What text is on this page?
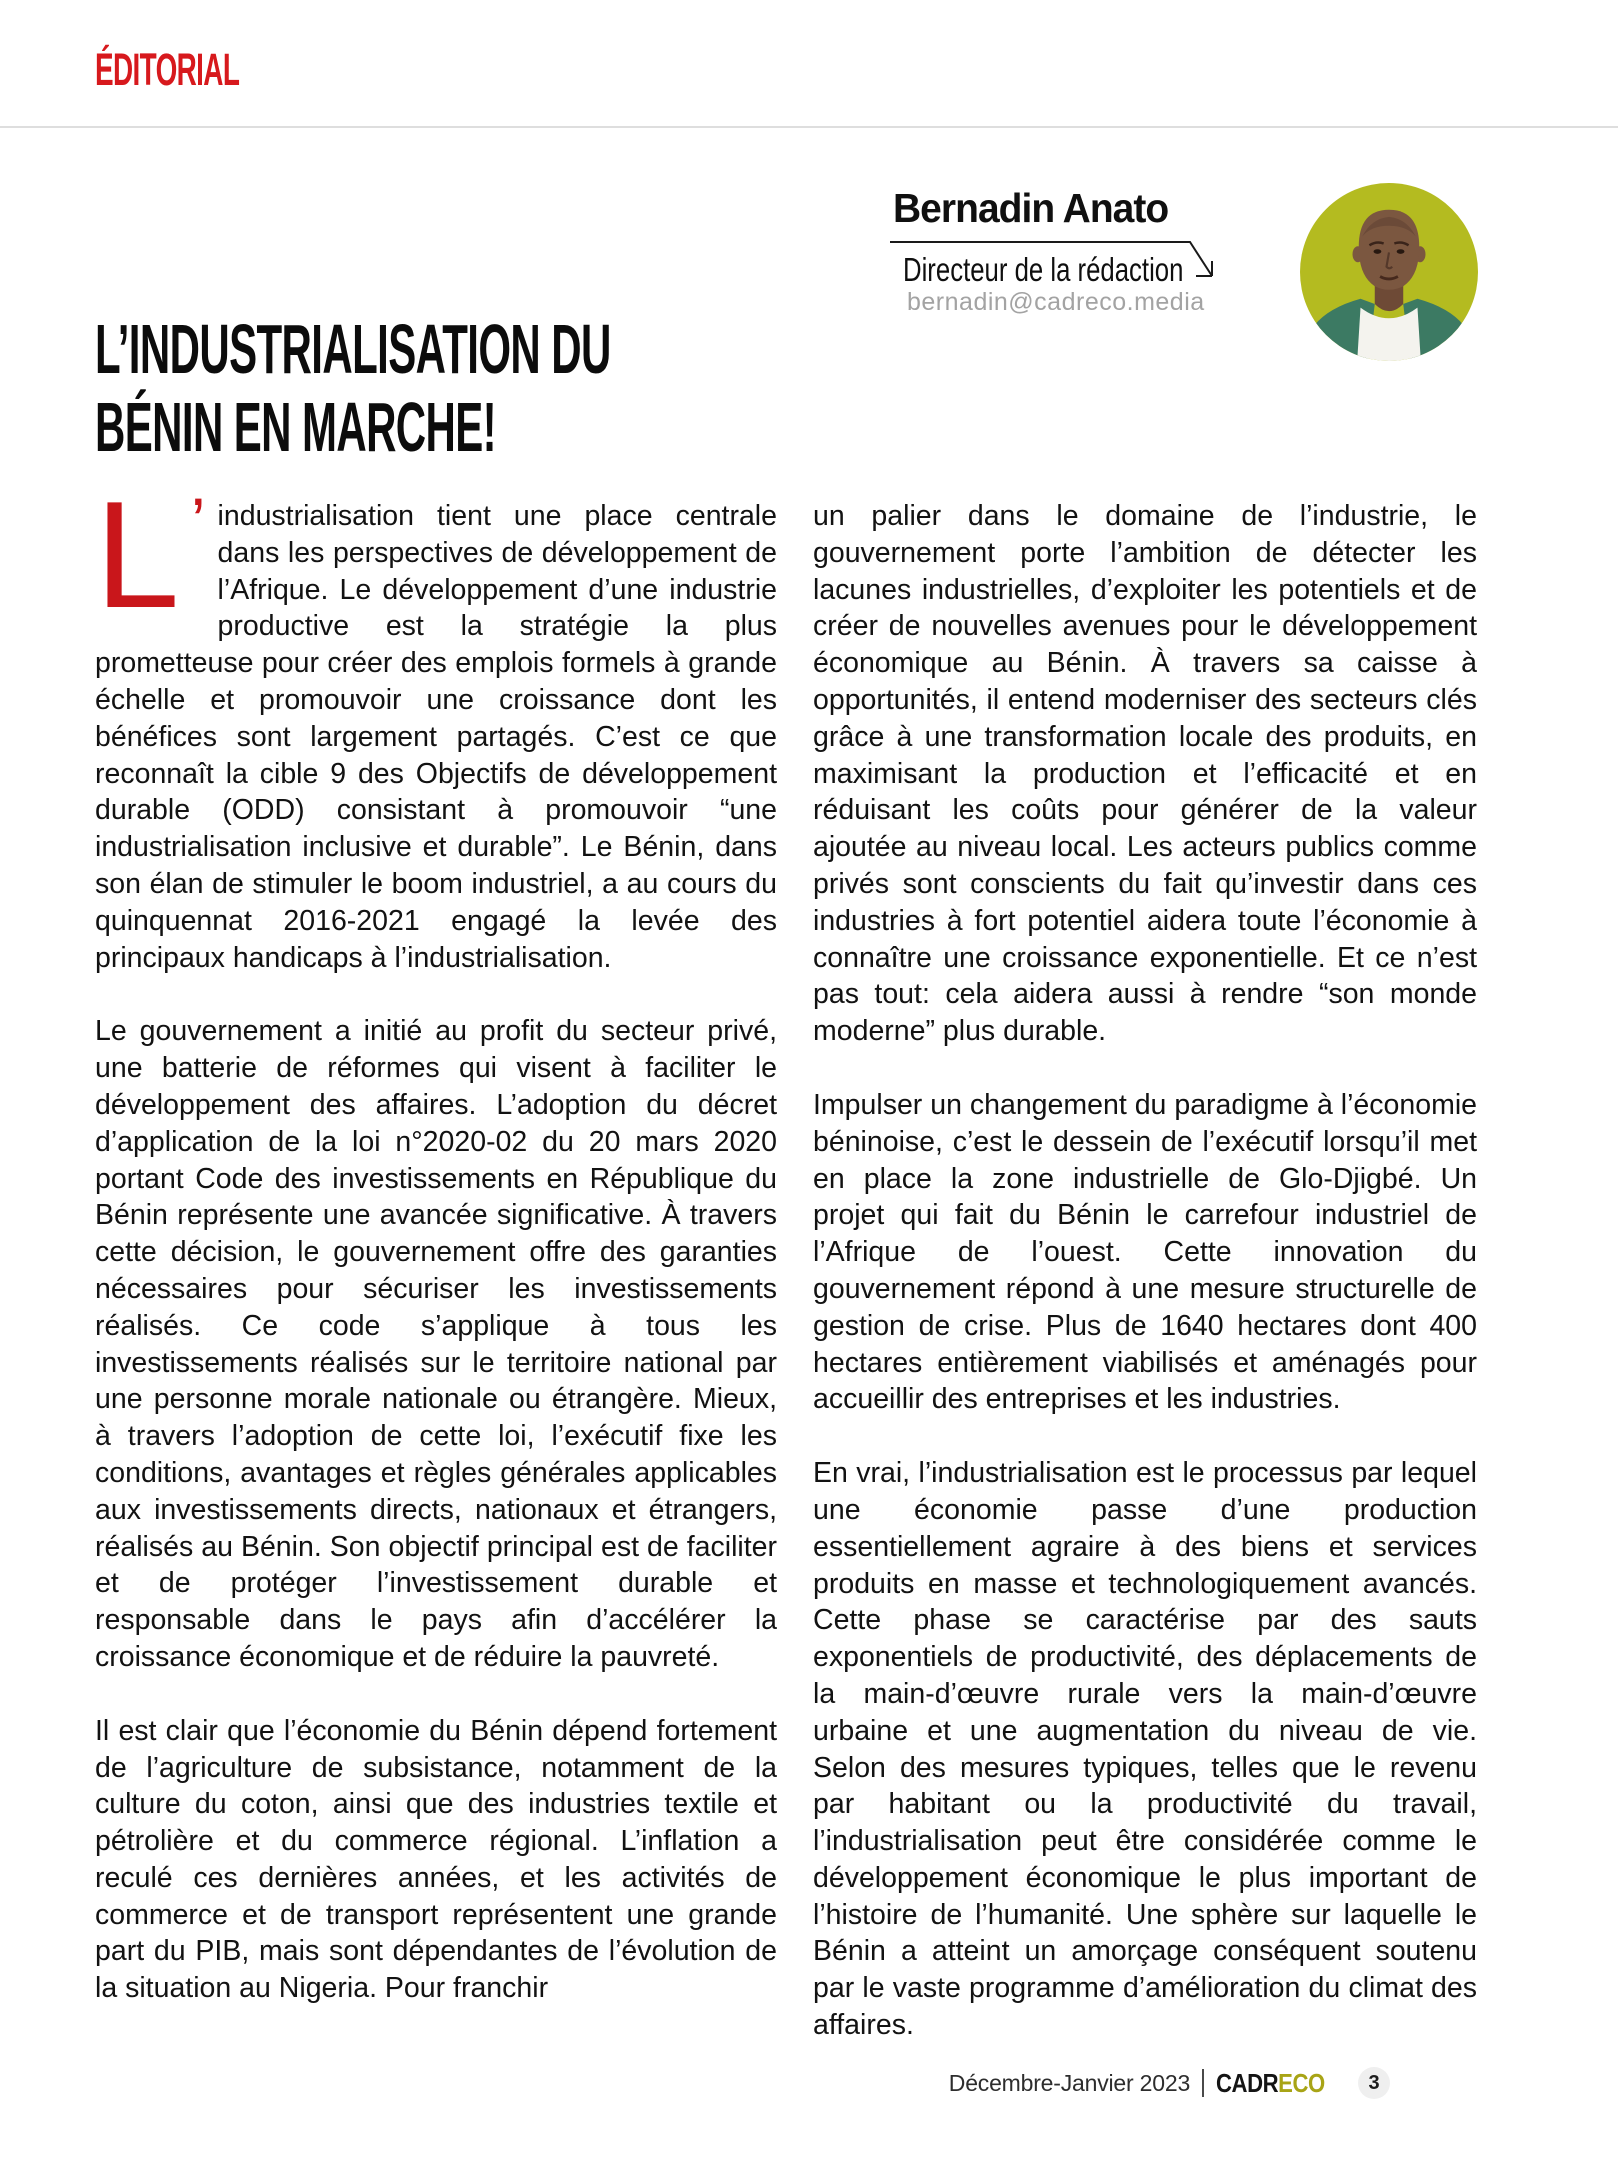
ÉDITORIAL
Bernadin Anato
Directeur de la rédaction
bernadin@cadreco.media
L’INDUSTRIALISATION DU
BÉNIN EN MARCHE!

L ’ industrialisation tient une place centrale dans les perspectives de développement de l’Afrique. Le développement d’une industrie productive est la stratégie la plus prometteuse pour créer des emplois formels à grande échelle et promouvoir une croissance dont les bénéfices sont largement partagés. C’est ce que reconnaît la cible 9 des Objectifs de développement durable (ODD) consistant à promouvoir “une industrialisation inclusive et durable”. Le Bénin, dans son élan de stimuler le boom industriel, a au cours du quinquennat 2016-2021 engagé la levée des principaux handicaps à l’industrialisation.

Le gouvernement a initié au profit du secteur privé, une batterie de réformes qui visent à faciliter le développement des affaires. L’adoption du décret d’application de la loi n°2020-02 du 20 mars 2020 portant Code des investissements en République du Bénin représente une avancée significative. À travers cette décision, le gouvernement offre des garanties nécessaires pour sécuriser les investissements réalisés. Ce code s’applique à tous les investissements réalisés sur le territoire national par une personne morale nationale ou étrangère. Mieux, à travers l’adoption de cette loi, l’exécutif fixe les conditions, avantages et règles générales applicables aux investissements directs, nationaux et étrangers, réalisés au Bénin. Son objectif principal est de faciliter et de protéger l’investissement durable et responsable dans le pays afin d’accélérer la croissance économique et de réduire la pauvreté.

Il est clair que l’économie du Bénin dépend fortement de l’agriculture de subsistance, notamment de la culture du coton, ainsi que des industries textile et pétrolière et du commerce régional. L’inflation a reculé ces dernières années, et les activités de commerce et de transport représentent une grande part du PIB, mais sont dépendantes de l’évolution de la situation au Nigeria. Pour franchir

un palier dans le domaine de l’industrie, le gouvernement porte l’ambition de détecter les lacunes industrielles, d’exploiter les potentiels et de créer de nouvelles avenues pour le développement économique au Bénin. À travers sa caisse à opportunités, il entend moderniser des secteurs clés grâce à une transformation locale des produits, en maximisant la production et l’efficacité et en réduisant les coûts pour générer de la valeur ajoutée au niveau local. Les acteurs publics comme privés sont conscients du fait qu’investir dans ces industries à fort potentiel aidera toute l’économie à connaître une croissance exponentielle. Et ce n’est pas tout: cela aidera aussi à rendre “son monde moderne” plus durable.

Impulser un changement du paradigme à l’économie béninoise, c’est le dessein de l’exécutif lorsqu’il met en place la zone industrielle de Glo-Djigbé. Un projet qui fait du Bénin le carrefour industriel de l’Afrique de l’ouest. Cette innovation du gouvernement répond à une mesure structurelle de gestion de crise. Plus de 1640 hectares dont 400 hectares entièrement viabilisés et aménagés pour accueillir des entreprises et les industries.

En vrai, l’industrialisation est le processus par lequel une économie passe d’une production essentiellement agraire à des biens et services produits en masse et technologiquement avancés. Cette phase se caractérise par des sauts exponentiels de productivité, des déplacements de la main-d’œuvre rurale vers la main-d’œuvre urbaine et une augmentation du niveau de vie. Selon des mesures typiques, telles que le revenu par habitant ou la productivité du travail, l’industrialisation peut être considérée comme le développement économique le plus important de l’histoire de l’humanité. Une sphère sur laquelle le Bénin a atteint un amorçage conséquent soutenu par le vaste programme d’amélioration du climat des affaires.

Décembre-Janvier 2023 CADRECO 3
